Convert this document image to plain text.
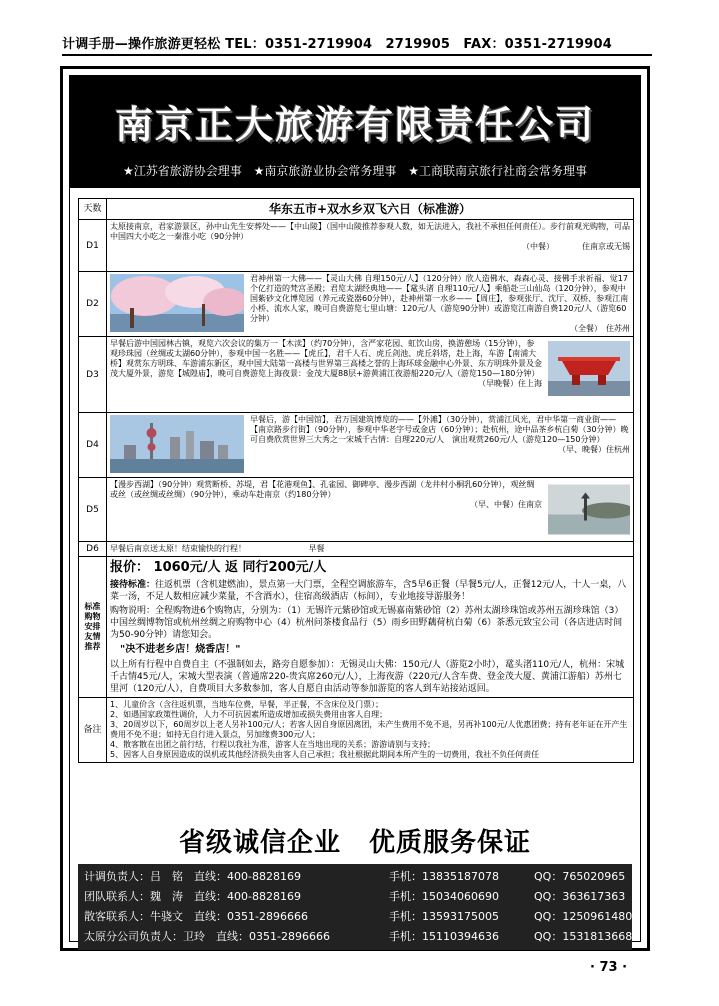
计调手册—操作旅游更轻松 TEL：0351-2719904　2719905　FAX：0351-2719904
南京正大旅游有限责任公司
★江苏省旅游协会理事 ★南京旅游业协会常务理事 ★工商联南京旅行社商会常务理事
天数	华东五市+双水乡双飞六日（标准游）
D1	太原接南京，君家游景区，孙中山先生安葬处——【中山陵】（国中山陵推荐参观人数，如无法进入，我社不承担任何责任）。步行前观光购物，可品中国四大小吃之一秦淮小吃（90分钟）
（中餐）　　　　住南京或无锡

D2	君神州第一大佛——【灵山大佛 自理150元/人】（120分钟）欣人造佛水、森森心灵、接佛手求祈福、觉17个亿打造的梵宫圣殿；君览太湖经典地——【鼋头渚 自理110元/人】乘船赴三山仙岛（120分钟），参观中国紫砂文化博览园（养元或瓷器60分钟），赴神州第一水乡——【周庄】，参观张厅、沈厅、双桥、参观江南小桥、流水人家，晚可自费游览七里山塘：120元/人（游览90分钟）或游览江南游自费120元/人（游览60分钟）
（全餐）　住苏州

D3	早餐后游中国园林古镇，观览六次会议的集万一【木渎】（约70分钟），含严家花园、虹饮山房，换游憩场（15分钟），参观珍珠园（丝绸或太湖60分钟），参观中国一名胜——【虎丘】，君千人石、虎丘剑池、虎丘斜塔，赴上海，车游【南浦大桥】观赏东方明珠、车游浦东新区，观中国大陆第一高楼与世界第三高楼之誉的上海环球金融中心外景、东方明珠外景及金茂大厦外景，游览【城隍庙】，晚可自费游览上海夜景：金茂大厦88层+游黄浦江夜游船220元/人（游览150—180分钟）
（早晚餐）住上海

D4	早餐后，游【中国馆】，君万国建筑博览的——【外滩】（30分钟），赏浦江风光，君中华第一商业街——【南京路步行街】（90分钟），参观中华老字号或金店（60分钟）；赴杭州，途中品茶乡杭白菊（30分钟）晚可自费欣赏世界三大秀之一宋城千古情：自理220元/人　演出观赏260元/人（游览120—150分钟）
（早、晚餐）住杭州

D5	【漫步西湖】（90分钟）观赏断桥、苏堤，君【花港观鱼】、孔雀园、御碑亭、漫步西湖（龙井村小桐乳60分钟），观丝绸或丝（或丝绸或丝绸）（90分钟），乘动车赴南京（约180分钟）
（早、中餐）住南京

D6	早餐后南京送太原！结束愉快的行程！ 早餐
标准购物安排友情推荐	报价： 1060元/人 返 同行200元/人
接待标准：往返机票（含机建燃油），景点第一大门票，全程空调旅游车，含5早6正餐（早餐5元/人，正餐12元/人，十人一桌，八菜一汤，不足人数相应减少菜量，不含酒水），住宿高级酒店（标间），专业地接导游服务！
购物说明：全程购物进6个购物店，分别为：（1）无锡许元紫砂馆或无锡嘉南紫砂馆（2）苏州太湖珍珠馆或苏州五湖珍珠馆（3）中国丝绸博物馆或杭州丝绸之府购物中心（4）杭州问茶楼食品行（5）雨乡田野藕荷杭白菊（6）茶悉元致宝公司（各店进店时间为50-90分钟）请您知会。
"决不进老乡店！烧香店！"
以上所有行程中自费自主（不强制如去，路旁自愿参加）：无锡灵山大佛：150元/人（游览2小时），鼋头渚110元/人，杭州：宋城千古情45元/人，宋城大型表演（普通席220-贵宾席260元/人），上海夜游（220元/人含车费、登金茂大厦、黄浦江游船）苏州七里河（120元/人），自费项目大多数参加，客人自愿自由活动等参加游览的客人到车站接站返回。

备注	1、儿童价含（含往返机票，当地车位费，早餐，半正餐，不含床位及门票）；
2、如遇国家政策性调价，人力不可抗因素所造成增加或损失费用由客人自理；
3、20周岁以下，60周岁以上老人另补100元/人；若客人因自身原因离团，未产生费用不免不退，另再补100元/人优惠团费；持有老年证在开产生费用不免不退；如持无自行进入景点，另加缘费300元/人；
4、散客散在出团之前行结，行程以我社为准，游客人在当地出现的关系；游游请别与支持；
5、因客人自身原因造成的误机或其他经济损失由客人自己承担；我社根据此期间本所产生的一切费用，我社不负任何责任
省级诚信企业 优质服务保证
计调负责人：吕　铭　直线：400-8828169	手机：13835187078	QQ：765020965
团队联系人：魏　涛　直线：400-8828169	手机：15034060690	QQ：363617363
散客联系人：牛骁文　直线：0351-2896666	手机：13593175005	QQ：1250961480
太原分公司负责人：卫玲　直线：0351-2896666	手机：15110394636	QQ：1531813668
· 73 ·
